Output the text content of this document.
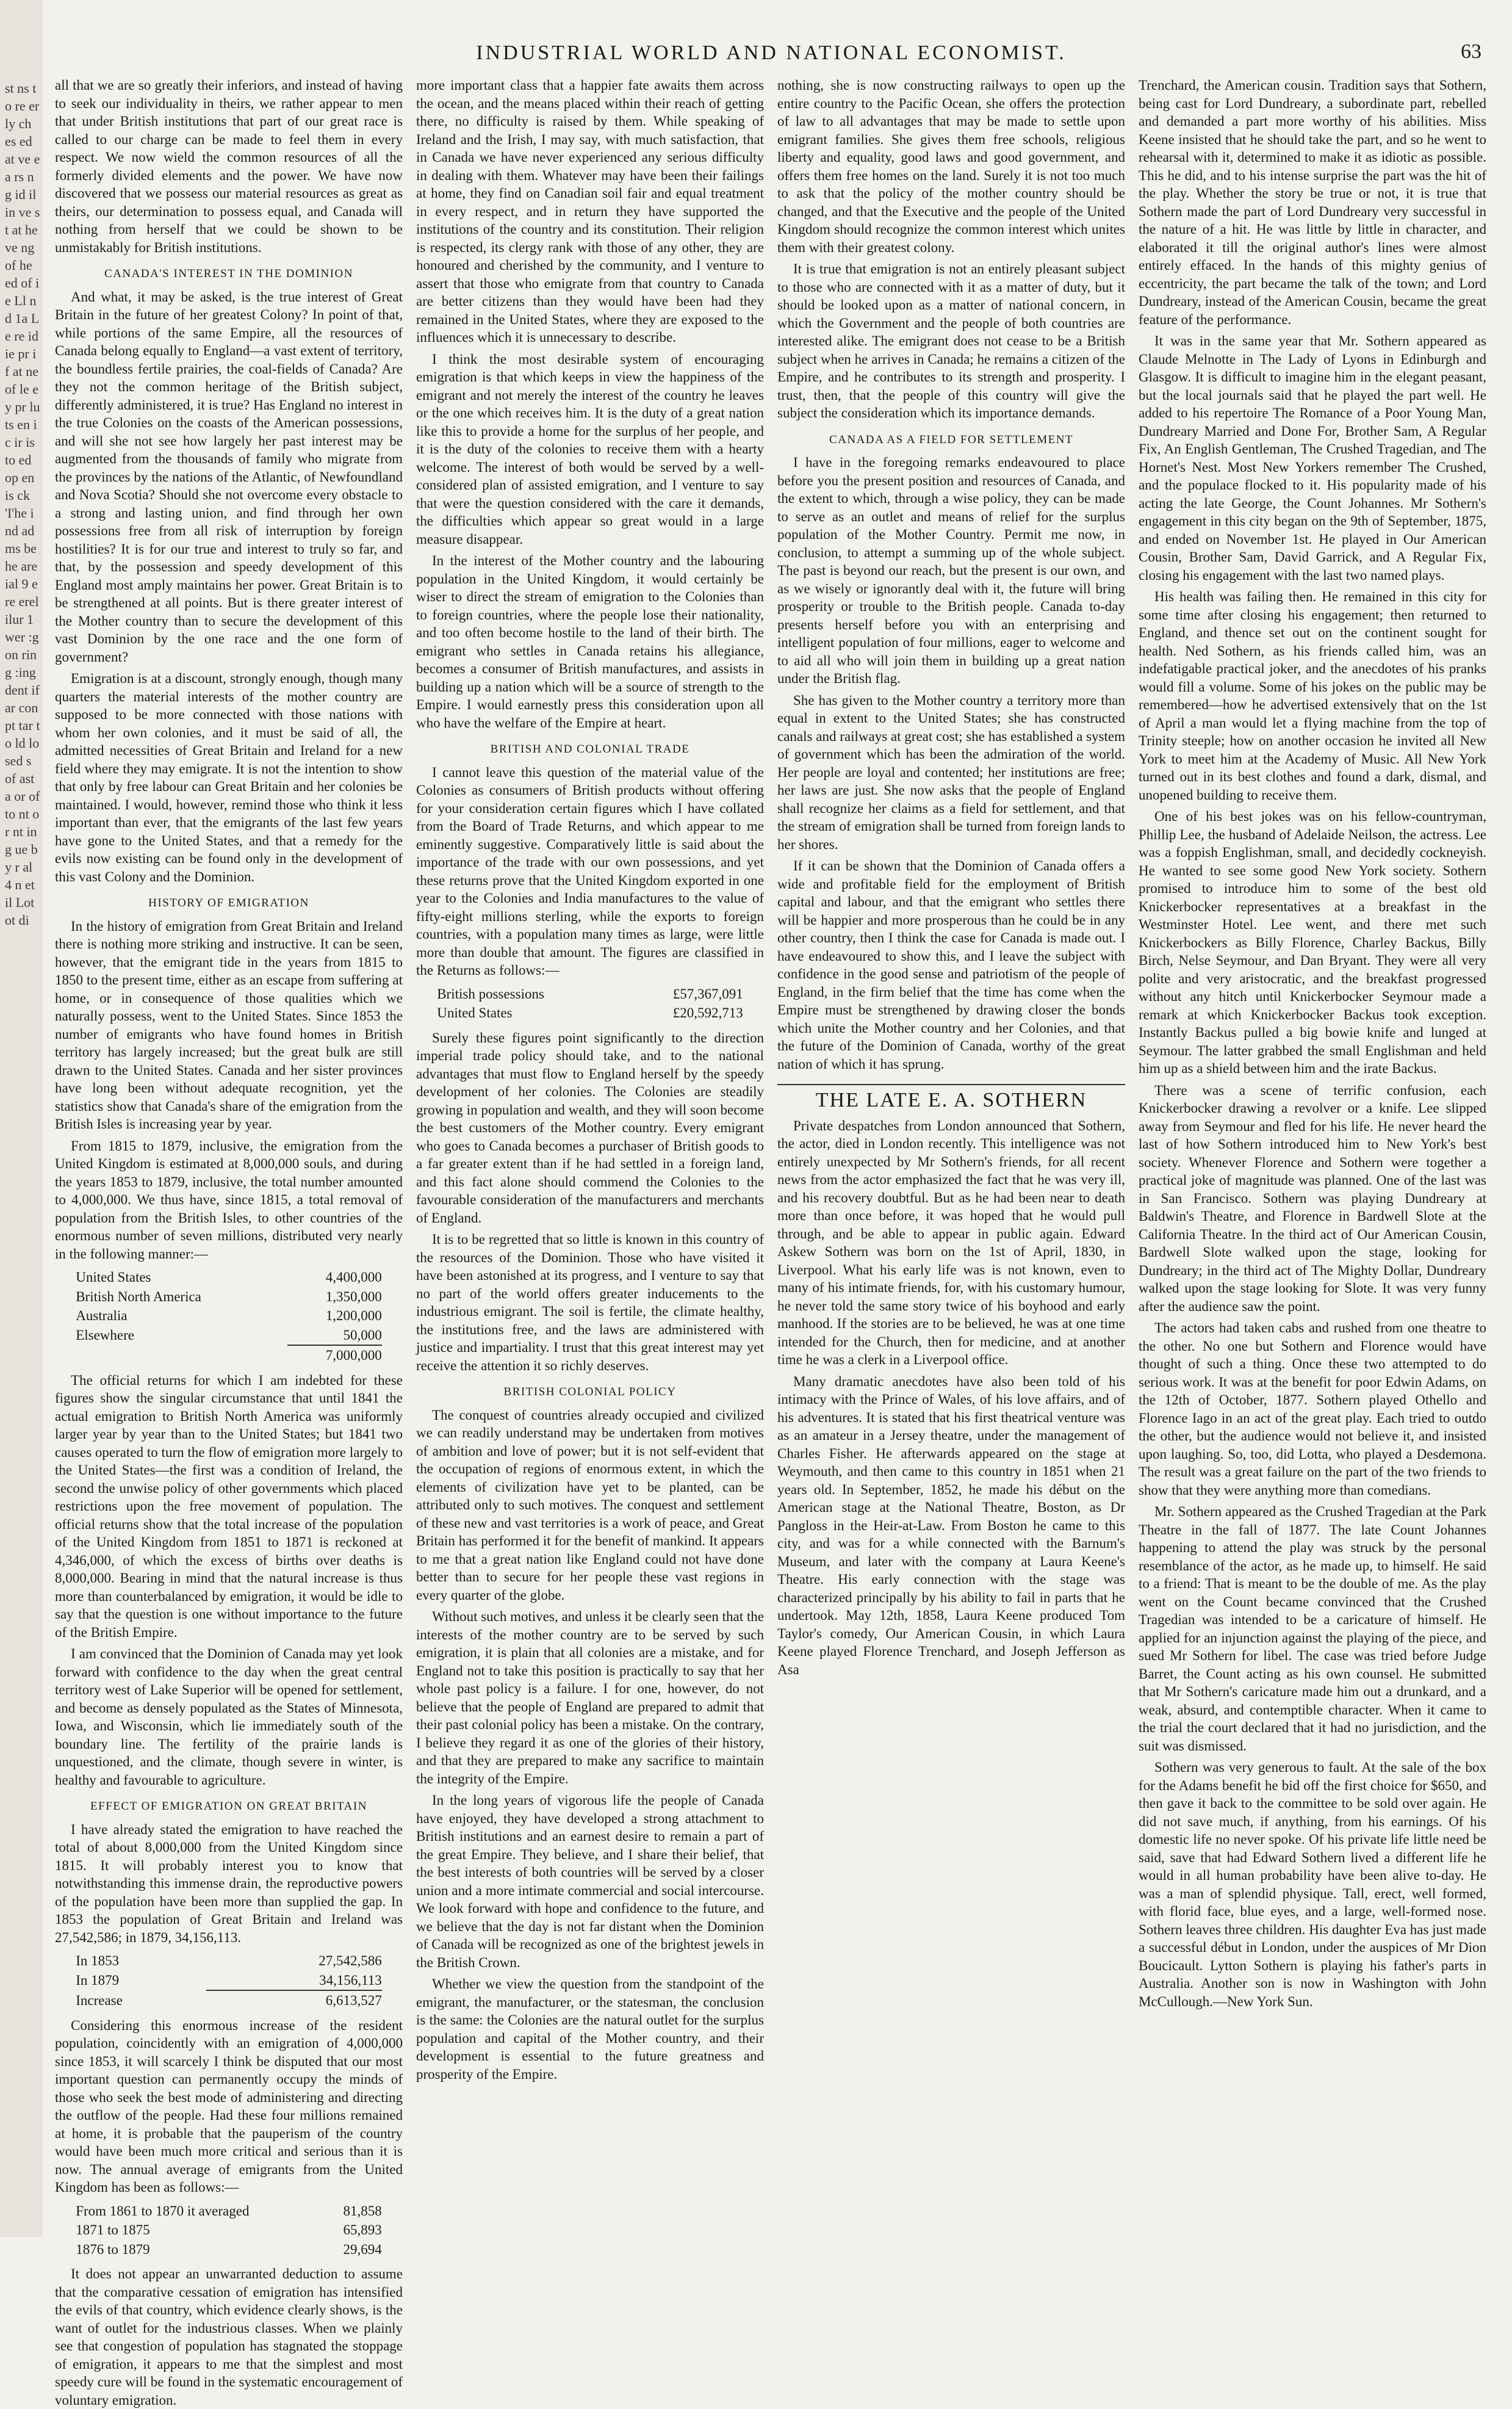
st ns to re er ly ch es ed at ve ea rs ng id il in ve st at he ve ng of he ed of ie Ll nd 1a Le re id ie pr if at ne of le ey pr lu ts en ic ir is to ed op en is ck 'I'he ind ad ms be he are ial 9 ere erel ilur 1 wer :gon ring :ing dent if ar con pt tar to ld lo sed s of ast a or of to nt or nt ing ue by r al 4 n et il Lot ot di
INDUSTRIAL WORLD AND NATIONAL ECONOMIST.	63

all that we are so greatly their inferiors, and instead of having to seek our individuality in theirs, we rather appear to men that under British institutions that part of our great race is called to our charge can be made to feel them in every respect. We now wield the common resources of all the formerly divided elements and the power. We have now discovered that we possess our material resources as great as theirs, our determination to possess equal, and Canada will nothing from herself that we could be shown to be unmistakably for British institutions.

CANADA'S INTEREST IN THE DOMINION

And what, it may be asked, is the true interest of Great Britain in the future of her greatest Colony? In point of that, while portions of the same Empire, all the resources of Canada belong equally to England—a vast extent of territory, the boundless fertile prairies, the coal-fields of Canada? Are they not the common heritage of the British subject, differently administered, it is true? Has England no interest in the true Colonies on the coasts of the American possessions, and will she not see how largely her past interest may be augmented from the thousands of family who migrate from the provinces by the nations of the Atlantic, of Newfoundland and Nova Scotia? Should she not overcome every obstacle to a strong and lasting union, and find through her own possessions free from all risk of interruption by foreign hostilities? It is for our true and interest to truly so far, and that, by the possession and speedy development of this England most amply maintains her power. Great Britain is to be strengthened at all points. But is there greater interest of the Mother country than to secure the development of this vast Dominion by the one race and the one form of government?

Emigration is at a discount, strongly enough, though many quarters the material interests of the mother country are supposed to be more connected with those nations with whom her own colonies, and it must be said of all, the admitted necessities of Great Britain and Ireland for a new field where they may emigrate. It is not the intention to show that only by free labour can Great Britain and her colonies be maintained. I would, however, remind those who think it less important than ever, that the emigrants of the last few years have gone to the United States, and that a remedy for the evils now existing can be found only in the development of this vast Colony and the Dominion.

HISTORY OF EMIGRATION

In the history of emigration from Great Britain and Ireland there is nothing more striking and instructive. It can be seen, however, that the emigrant tide in the years from 1815 to 1850 to the present time, either as an escape from suffering at home, or in consequence of those qualities which we naturally possess, went to the United States. Since 1853 the number of emigrants who have found homes in British territory has largely increased; but the great bulk are still drawn to the United States. Canada and her sister provinces have long been without adequate recognition, yet the statistics show that Canada's share of the emigration from the British Isles is increasing year by year.

From 1815 to 1879, inclusive, the emigration from the United Kingdom is estimated at 8,000,000 souls, and during the years 1853 to 1879, inclusive, the total number amounted to 4,000,000. We thus have, since 1815, a total removal of population from the British Isles, to other countries of the enormous number of seven millions, distributed very nearly in the following manner:—

United States	4,400,000
British North America	1,350,000
Australia	1,200,000
Elsewhere	50,000
	7,000,000

The official returns for which I am indebted for these figures show the singular circumstance that until 1841 the actual emigration to British North America was uniformly larger year by year than to the United States; but 1841 two causes operated to turn the flow of emigration more largely to the United States—the first was a condition of Ireland, the second the unwise policy of other governments which placed restrictions upon the free movement of population. The official returns show that the total increase of the population of the United Kingdom from 1851 to 1871 is reckoned at 4,346,000, of which the excess of births over deaths is 8,000,000. Bearing in mind that the natural increase is thus more than counterbalanced by emigration, it would be idle to say that the question is one without importance to the future of the British Empire.

I am convinced that the Dominion of Canada may yet look forward with confidence to the day when the great central territory west of Lake Superior will be opened for settlement, and become as densely populated as the States of Minnesota, Iowa, and Wisconsin, which lie immediately south of the boundary line. The fertility of the prairie lands is unquestioned, and the climate, though severe in winter, is healthy and favourable to agriculture.

EFFECT OF EMIGRATION ON GREAT BRITAIN

I have already stated the emigration to have reached the total of about 8,000,000 from the United Kingdom since 1815. It will probably interest you to know that notwithstanding this immense drain, the reproductive powers of the population have been more than supplied the gap. In 1853 the population of Great Britain and Ireland was 27,542,586; in 1879, 34,156,113.

In 1853	27,542,586
In 1879	34,156,113
Increase	6,613,527

Considering this enormous increase of the resident population, coincidently with an emigration of 4,000,000 since 1853, it will scarcely I think be disputed that our most important question can permanently occupy the minds of those who seek the best mode of administering and directing the outflow of the people. Had these four millions remained at home, it is probable that the pauperism of the country would have been much more critical and serious than it is now. The annual average of emigrants from the United Kingdom has been as follows:—

From 1861 to 1870 it averaged	81,858
1871 to 1875	65,893
1876 to 1879	29,694

It does not appear an unwarranted deduction to assume that the comparative cessation of emigration has intensified the evils of that country, which evidence clearly shows, is the want of outlet for the industrious classes. When we plainly see that congestion of population has stagnated the stoppage of emigration, it appears to me that the simplest and most speedy cure will be found in the systematic encouragement of voluntary emigration.

more important class that a happier fate awaits them across the ocean, and the means placed within their reach of getting there, no difficulty is raised by them. While speaking of Ireland and the Irish, I may say, with much satisfaction, that in Canada we have never experienced any serious difficulty in dealing with them. Whatever may have been their failings at home, they find on Canadian soil fair and equal treatment in every respect, and in return they have supported the institutions of the country and its constitution. Their religion is respected, its clergy rank with those of any other, they are honoured and cherished by the community, and I venture to assert that those who emigrate from that country to Canada are better citizens than they would have been had they remained in the United States, where they are exposed to the influences which it is unnecessary to describe.

I think the most desirable system of encouraging emigration is that which keeps in view the happiness of the emigrant and not merely the interest of the country he leaves or the one which receives him. It is the duty of a great nation like this to provide a home for the surplus of her people, and it is the duty of the colonies to receive them with a hearty welcome. The interest of both would be served by a well-considered plan of assisted emigration, and I venture to say that were the question considered with the care it demands, the difficulties which appear so great would in a large measure disappear.

In the interest of the Mother country and the labouring population in the United Kingdom, it would certainly be wiser to direct the stream of emigration to the Colonies than to foreign countries, where the people lose their nationality, and too often become hostile to the land of their birth. The emigrant who settles in Canada retains his allegiance, becomes a consumer of British manufactures, and assists in building up a nation which will be a source of strength to the Empire. I would earnestly press this consideration upon all who have the welfare of the Empire at heart.

BRITISH AND COLONIAL TRADE

I cannot leave this question of the material value of the Colonies as consumers of British products without offering for your consideration certain figures which I have collated from the Board of Trade Returns, and which appear to me eminently suggestive. Comparatively little is said about the importance of the trade with our own possessions, and yet these returns prove that the United Kingdom exported in one year to the Colonies and India manufactures to the value of fifty-eight millions sterling, while the exports to foreign countries, with a population many times as large, were little more than double that amount. The figures are classified in the Returns as follows:—

British possessions	£57,367,091
United States	£20,592,713

Surely these figures point significantly to the direction imperial trade policy should take, and to the national advantages that must flow to England herself by the speedy development of her colonies. The Colonies are steadily growing in population and wealth, and they will soon become the best customers of the Mother country. Every emigrant who goes to Canada becomes a purchaser of British goods to a far greater extent than if he had settled in a foreign land, and this fact alone should commend the Colonies to the favourable consideration of the manufacturers and merchants of England.

It is to be regretted that so little is known in this country of the resources of the Dominion. Those who have visited it have been astonished at its progress, and I venture to say that no part of the world offers greater inducements to the industrious emigrant. The soil is fertile, the climate healthy, the institutions free, and the laws are administered with justice and impartiality. I trust that this great interest may yet receive the attention it so richly deserves.

BRITISH COLONIAL POLICY

The conquest of countries already occupied and civilized we can readily understand may be undertaken from motives of ambition and love of power; but it is not self-evident that the occupation of regions of enormous extent, in which the elements of civilization have yet to be planted, can be attributed only to such motives. The conquest and settlement of these new and vast territories is a work of peace, and Great Britain has performed it for the benefit of mankind. It appears to me that a great nation like England could not have done better than to secure for her people these vast regions in every quarter of the globe.

Without such motives, and unless it be clearly seen that the interests of the mother country are to be served by such emigration, it is plain that all colonies are a mistake, and for England not to take this position is practically to say that her whole past policy is a failure. I for one, however, do not believe that the people of England are prepared to admit that their past colonial policy has been a mistake. On the contrary, I believe they regard it as one of the glories of their history, and that they are prepared to make any sacrifice to maintain the integrity of the Empire.

In the long years of vigorous life the people of Canada have enjoyed, they have developed a strong attachment to British institutions and an earnest desire to remain a part of the great Empire. They believe, and I share their belief, that the best interests of both countries will be served by a closer union and a more intimate commercial and social intercourse. We look forward with hope and confidence to the future, and we believe that the day is not far distant when the Dominion of Canada will be recognized as one of the brightest jewels in the British Crown.

Whether we view the question from the standpoint of the emigrant, the manufacturer, or the statesman, the conclusion is the same: the Colonies are the natural outlet for the surplus population and capital of the Mother country, and their development is essential to the future greatness and prosperity of the Empire.

nothing, she is now constructing railways to open up the entire country to the Pacific Ocean, she offers the protection of law to all advantages that may be made to settle upon emigrant families. She gives them free schools, religious liberty and equality, good laws and good government, and offers them free homes on the land. Surely it is not too much to ask that the policy of the mother country should be changed, and that the Executive and the people of the United Kingdom should recognize the common interest which unites them with their greatest colony.

It is true that emigration is not an entirely pleasant subject to those who are connected with it as a matter of duty, but it should be looked upon as a matter of national concern, in which the Government and the people of both countries are interested alike. The emigrant does not cease to be a British subject when he arrives in Canada; he remains a citizen of the Empire, and he contributes to its strength and prosperity. I trust, then, that the people of this country will give the subject the consideration which its importance demands.

CANADA AS A FIELD FOR SETTLEMENT

I have in the foregoing remarks endeavoured to place before you the present position and resources of Canada, and the extent to which, through a wise policy, they can be made to serve as an outlet and means of relief for the surplus population of the Mother Country. Permit me now, in conclusion, to attempt a summing up of the whole subject. The past is beyond our reach, but the present is our own, and as we wisely or ignorantly deal with it, the future will bring prosperity or trouble to the British people. Canada to-day presents herself before you with an enterprising and intelligent population of four millions, eager to welcome and to aid all who will join them in building up a great nation under the British flag.

She has given to the Mother country a territory more than equal in extent to the United States; she has constructed canals and railways at great cost; she has established a system of government which has been the admiration of the world. Her people are loyal and contented; her institutions are free; her laws are just. She now asks that the people of England shall recognize her claims as a field for settlement, and that the stream of emigration shall be turned from foreign lands to her shores.

If it can be shown that the Dominion of Canada offers a wide and profitable field for the employment of British capital and labour, and that the emigrant who settles there will be happier and more prosperous than he could be in any other country, then I think the case for Canada is made out. I have endeavoured to show this, and I leave the subject with confidence in the good sense and patriotism of the people of England, in the firm belief that the time has come when the Empire must be strengthened by drawing closer the bonds which unite the Mother country and her Colonies, and that the future of the Dominion of Canada, worthy of the great nation of which it has sprung.

THE LATE E. A. SOTHERN

Private despatches from London announced that Sothern, the actor, died in London recently. This intelligence was not entirely unexpected by Mr Sothern's friends, for all recent news from the actor emphasized the fact that he was very ill, and his recovery doubtful. But as he had been near to death more than once before, it was hoped that he would pull through, and be able to appear in public again. Edward Askew Sothern was born on the 1st of April, 1830, in Liverpool. What his early life was is not known, even to many of his intimate friends, for, with his customary humour, he never told the same story twice of his boyhood and early manhood. If the stories are to be believed, he was at one time intended for the Church, then for medicine, and at another time he was a clerk in a Liverpool office.

Many dramatic anecdotes have also been told of his intimacy with the Prince of Wales, of his love affairs, and of his adventures. It is stated that his first theatrical venture was as an amateur in a Jersey theatre, under the management of Charles Fisher. He afterwards appeared on the stage at Weymouth, and then came to this country in 1851 when 21 years old. In September, 1852, he made his début on the American stage at the National Theatre, Boston, as Dr Pangloss in the Heir-at-Law. From Boston he came to this city, and was for a while connected with the Barnum's Museum, and later with the company at Laura Keene's Theatre. His early connection with the stage was characterized principally by his ability to fail in parts that he undertook. May 12th, 1858, Laura Keene produced Tom Taylor's comedy, Our American Cousin, in which Laura Keene played Florence Trenchard, and Joseph Jefferson as Asa

Trenchard, the American cousin. Tradition says that Sothern, being cast for Lord Dundreary, a subordinate part, rebelled and demanded a part more worthy of his abilities. Miss Keene insisted that he should take the part, and so he went to rehearsal with it, determined to make it as idiotic as possible. This he did, and to his intense surprise the part was the hit of the play. Whether the story be true or not, it is true that Sothern made the part of Lord Dundreary very successful in the nature of a hit. He was little by little in character, and elaborated it till the original author's lines were almost entirely effaced. In the hands of this mighty genius of eccentricity, the part became the talk of the town; and Lord Dundreary, instead of the American Cousin, became the great feature of the performance.

It was in the same year that Mr. Sothern appeared as Claude Melnotte in The Lady of Lyons in Edinburgh and Glasgow. It is difficult to imagine him in the elegant peasant, but the local journals said that he played the part well. He added to his repertoire The Romance of a Poor Young Man, Dundreary Married and Done For, Brother Sam, A Regular Fix, An English Gentleman, The Crushed Tragedian, and The Hornet's Nest. Most New Yorkers remember The Crushed, and the populace flocked to it. His popularity made of his acting the late George, the Count Johannes. Mr Sothern's engagement in this city began on the 9th of September, 1875, and ended on November 1st. He played in Our American Cousin, Brother Sam, David Garrick, and A Regular Fix, closing his engagement with the last two named plays.

His health was failing then. He remained in this city for some time after closing his engagement; then returned to England, and thence set out on the continent sought for health. Ned Sothern, as his friends called him, was an indefatigable practical joker, and the anecdotes of his pranks would fill a volume. Some of his jokes on the public may be remembered—how he advertised extensively that on the 1st of April a man would let a flying machine from the top of Trinity steeple; how on another occasion he invited all New York to meet him at the Academy of Music. All New York turned out in its best clothes and found a dark, dismal, and unopened building to receive them.

One of his best jokes was on his fellow-countryman, Phillip Lee, the husband of Adelaide Neilson, the actress. Lee was a foppish Englishman, small, and decidedly cockneyish. He wanted to see some good New York society. Sothern promised to introduce him to some of the best old Knickerbocker representatives at a breakfast in the Westminster Hotel. Lee went, and there met such Knickerbockers as Billy Florence, Charley Backus, Billy Birch, Nelse Seymour, and Dan Bryant. They were all very polite and very aristocratic, and the breakfast progressed without any hitch until Knickerbocker Seymour made a remark at which Knickerbocker Backus took exception. Instantly Backus pulled a big bowie knife and lunged at Seymour. The latter grabbed the small Englishman and held him up as a shield between him and the irate Backus.

There was a scene of terrific confusion, each Knickerbocker drawing a revolver or a knife. Lee slipped away from Seymour and fled for his life. He never heard the last of how Sothern introduced him to New York's best society. Whenever Florence and Sothern were together a practical joke of magnitude was planned. One of the last was in San Francisco. Sothern was playing Dundreary at Baldwin's Theatre, and Florence in Bardwell Slote at the California Theatre. In the third act of Our American Cousin, Bardwell Slote walked upon the stage, looking for Dundreary; in the third act of The Mighty Dollar, Dundreary walked upon the stage looking for Slote. It was very funny after the audience saw the point.

The actors had taken cabs and rushed from one theatre to the other. No one but Sothern and Florence would have thought of such a thing. Once these two attempted to do serious work. It was at the benefit for poor Edwin Adams, on the 12th of October, 1877. Sothern played Othello and Florence Iago in an act of the great play. Each tried to outdo the other, but the audience would not believe it, and insisted upon laughing. So, too, did Lotta, who played a Desdemona. The result was a great failure on the part of the two friends to show that they were anything more than comedians.

Mr. Sothern appeared as the Crushed Tragedian at the Park Theatre in the fall of 1877. The late Count Johannes happening to attend the play was struck by the personal resemblance of the actor, as he made up, to himself. He said to a friend: That is meant to be the double of me. As the play went on the Count became convinced that the Crushed Tragedian was intended to be a caricature of himself. He applied for an injunction against the playing of the piece, and sued Mr Sothern for libel. The case was tried before Judge Barret, the Count acting as his own counsel. He submitted that Mr Sothern's caricature made him out a drunkard, and a weak, absurd, and contemptible character. When it came to the trial the court declared that it had no jurisdiction, and the suit was dismissed.

Sothern was very generous to fault. At the sale of the box for the Adams benefit he bid off the first choice for $650, and then gave it back to the committee to be sold over again. He did not save much, if anything, from his earnings. Of his domestic life no never spoke. Of his private life little need be said, save that had Edward Sothern lived a different life he would in all human probability have been alive to-day. He was a man of splendid physique. Tall, erect, well formed, with florid face, blue eyes, and a large, well-formed nose. Sothern leaves three children. His daughter Eva has just made a successful début in London, under the auspices of Mr Dion Boucicault. Lytton Sothern is playing his father's parts in Australia. Another son is now in Washington with John McCullough.—New York Sun.
